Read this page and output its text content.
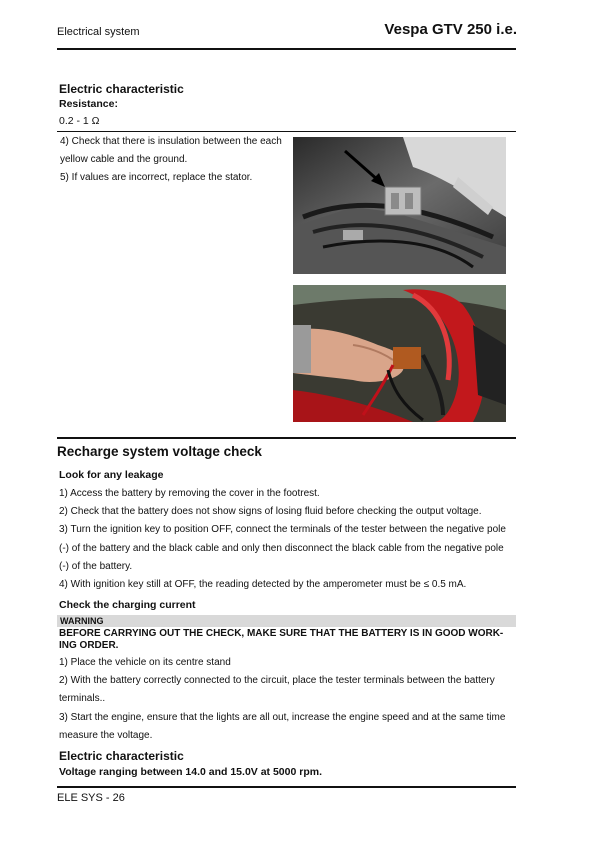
Electrical system	Vespa GTV 250 i.e.
Electric characteristic
Resistance:
0.2 - 1 Ω
4) Check that there is insulation between the each
yellow cable and the ground.
5) If values are incorrect, replace the stator.
Recharge system voltage check
Look for any leakage
1) Access the battery by removing the cover in the footrest.
2) Check that the battery does not show signs of losing fluid before checking the output voltage.
3) Turn the ignition key to position OFF, connect the terminals of the tester between the negative pole
(-) of the battery and the black cable and only then disconnect the black cable from the negative pole
(-) of the battery.
4) With ignition key still at OFF, the reading detected by the amperometer must be ≤ 0.5 mA.
Check the charging current
WARNING
BEFORE CARRYING OUT THE CHECK, MAKE SURE THAT THE BATTERY IS IN GOOD WORK-
ING ORDER.
1) Place the vehicle on its centre stand
2) With the battery correctly connected to the circuit, place the tester terminals between the battery
terminals..
3) Start the engine, ensure that the lights are all out, increase the engine speed and at the same time
measure the voltage.
Electric characteristic
Voltage ranging between 14.0 and 15.0V at 5000 rpm.
ELE SYS - 26
